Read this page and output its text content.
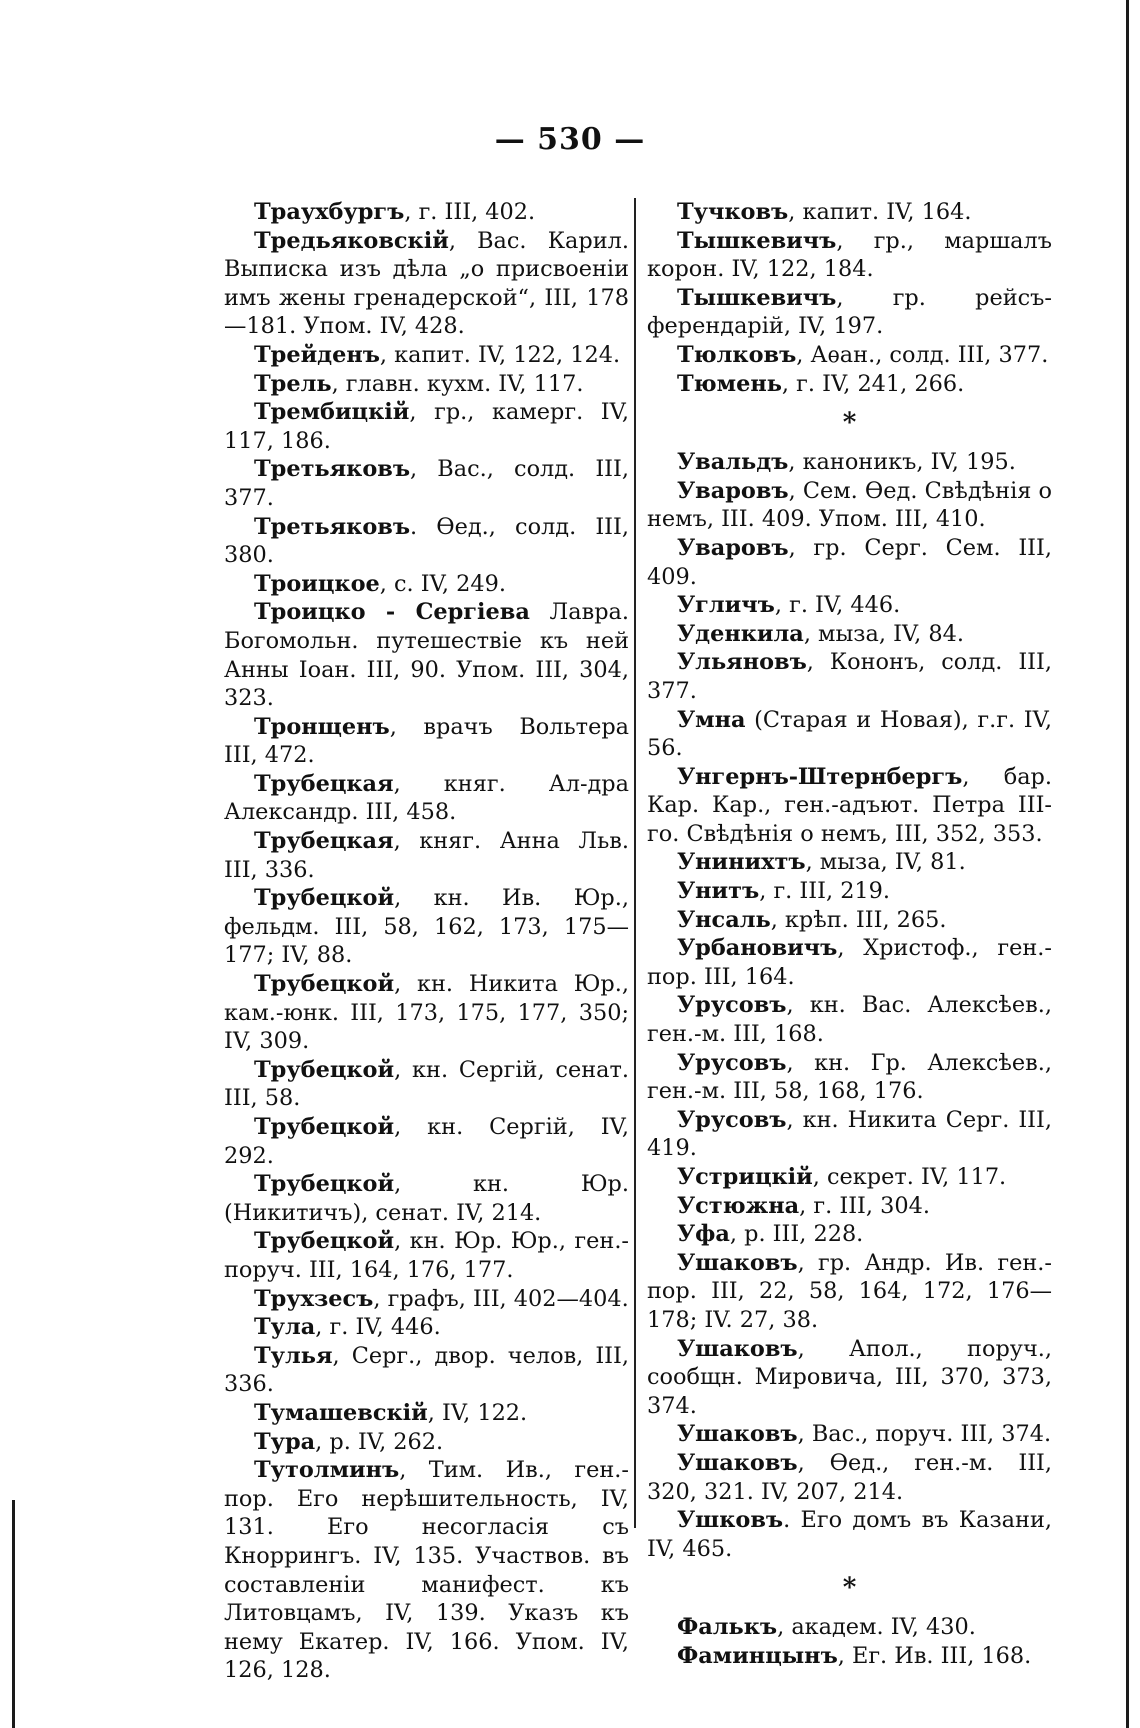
— 530 —

Траухбургъ, г. III, 402.

Тредьяковскій, Вас. Карил. Выписка изъ дѣла „о присвоеніи имъ жены гренадерской“, III, 178—181. Упом. IV, 428.

Трейденъ, капит. IV, 122, 124.

Трель, главн. кухм. IV, 117.

Трембицкій, гр., камерг. IV, 117, 186.

Третьяковъ, Вас., солд. III, 377.

Третьяковъ. Ѳед., солд. III, 380.

Троицкое, с. IV, 249.

Троицко - Сергіева Лавра. Богомольн. путешествіе къ ней Анны Іоан. III, 90. Упом. III, 304, 323.

Тронщенъ, врачъ Вольтера III, 472.

Трубецкая, княг. Ал-дра Александр. III, 458.

Трубецкая, княг. Анна Льв. III, 336.

Трубецкой, кн. Ив. Юр., фельдм. III, 58, 162, 173, 175—177; IV, 88.

Трубецкой, кн. Никита Юр., кам.-юнк. III, 173, 175, 177, 350; IV, 309.

Трубецкой, кн. Сергій, сенат. III, 58.

Трубецкой, кн. Сергій, IV, 292.

Трубецкой, кн. Юр. (Никитичъ), сенат. IV, 214.

Трубецкой, кн. Юр. Юр., ген.-поруч. III, 164, 176, 177.

Трухзесъ, графъ, III, 402—404.

Тула, г. IV, 446.

Тулья, Серг., двор. челов, III, 336.

Тумашевскій, IV, 122.

Тура, р. IV, 262.

Тутолминъ, Тим. Ив., ген.-пор. Его нерѣшительность, IV, 131. Его несогласія съ Кноррингъ. IV, 135. Участвов. въ составленіи манифест. къ Литовцамъ, IV, 139. Указъ къ нему Екатер. IV, 166. Упом. IV, 126, 128.

Тучковъ, капит. IV, 164.

Тышкевичъ, гр., маршалъ корон. IV, 122, 184.

Тышкевичъ, гр. рейсъ-ферендарій, IV, 197.

Тюлковъ, Аѳан., солд. III, 377.

Тюмень, г. IV, 241, 266.

*

Увальдъ, каноникъ, IV, 195.

Уваровъ, Сем. Ѳед. Свѣдѣнія о немъ, III. 409. Упом. III, 410.

Уваровъ, гр. Серг. Сем. III, 409.

Угличъ, г. IV, 446.

Уденкила, мыза, IV, 84.

Ульяновъ, Кононъ, солд. III, 377.

Умна (Старая и Новая), г.г. IV, 56.

Унгернъ-Штернбергъ, бар. Кар. Кар., ген.-адъют. Петра III-го. Свѣдѣнія о немъ, III, 352, 353.

Унинихтъ, мыза, IV, 81.

Унитъ, г. III, 219.

Унсаль, крѣп. III, 265.

Урбановичъ, Христоф., ген.-пор. III, 164.

Урусовъ, кн. Вас. Алексѣев., ген.-м. III, 168.

Урусовъ, кн. Гр. Алексѣев., ген.-м. III, 58, 168, 176.

Урусовъ, кн. Никита Серг. III, 419.

Устрицкій, секрет. IV, 117.

Устюжна, г. III, 304.

Уфа, р. III, 228.

Ушаковъ, гр. Андр. Ив. ген.-пор. III, 22, 58, 164, 172, 176—178; IV. 27, 38.

Ушаковъ, Апол., поруч., сообщн. Мировича, III, 370, 373, 374.

Ушаковъ, Вас., поруч. III, 374.

Ушаковъ, Ѳед., ген.-м. III, 320, 321. IV, 207, 214.

Ушковъ. Его домъ въ Казани, IV, 465.

*

Фалькъ, академ. IV, 430.

Фаминцынъ, Ег. Ив. III, 168.
